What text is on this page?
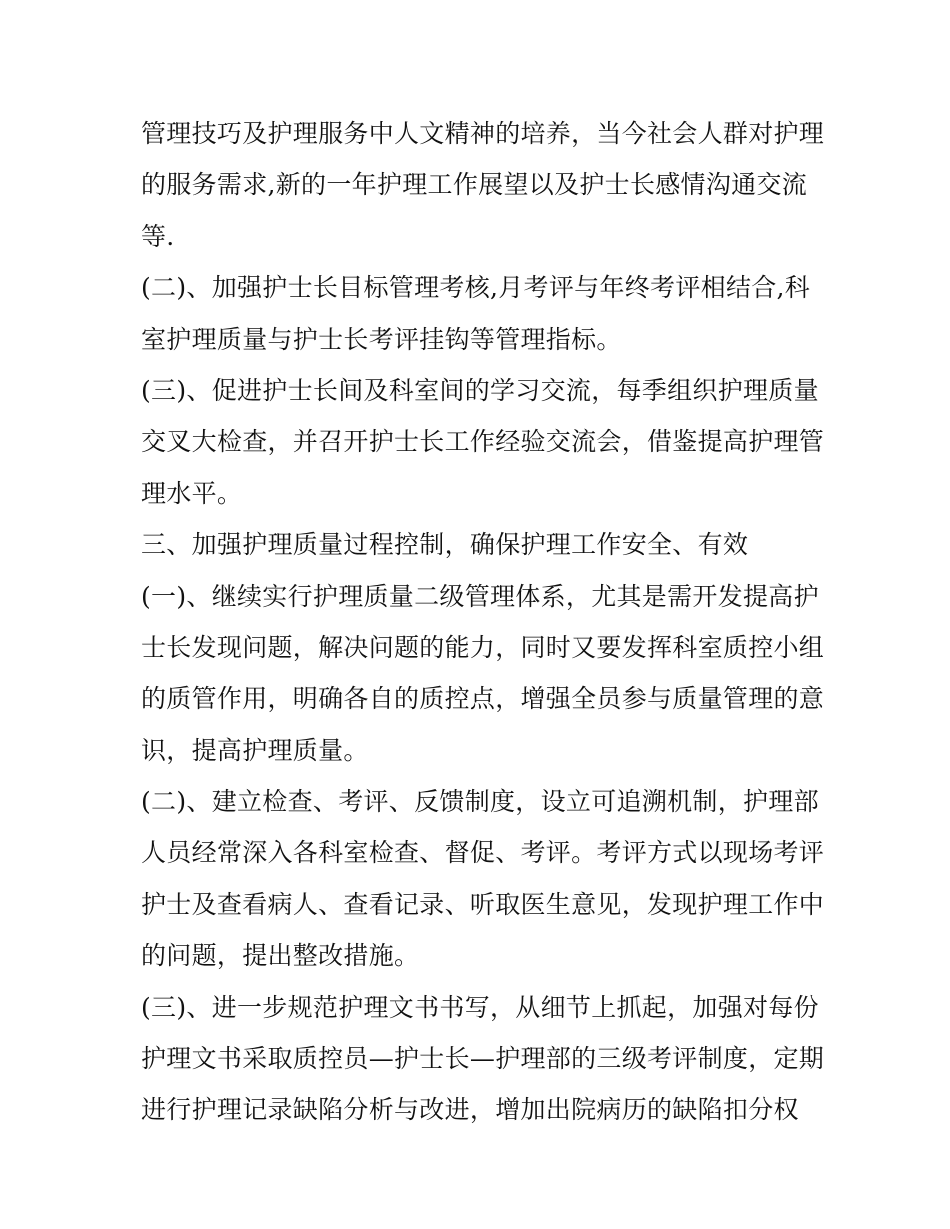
管理技巧及护理服务中人文精神的培养，当今社会人群对护理
的服务需求,新的一年护理工作展望以及护士长感情沟通交流
等.
(二)、加强护士长目标管理考核,月考评与年终考评相结合,科
室护理质量与护士长考评挂钩等管理指标。
(三)、促进护士长间及科室间的学习交流，每季组织护理质量
交叉大检查，并召开护士长工作经验交流会，借鉴提高护理管
理水平。
三、加强护理质量过程控制，确保护理工作安全、有效
(一)、继续实行护理质量二级管理体系，尤其是需开发提高护
士长发现问题，解决问题的能力，同时又要发挥科室质控小组
的质管作用，明确各自的质控点，增强全员参与质量管理的意
识，提高护理质量。
(二)、建立检查、考评、反馈制度，设立可追溯机制，护理部
人员经常深入各科室检查、督促、考评。考评方式以现场考评
护士及查看病人、查看记录、听取医生意见，发现护理工作中
的问题，提出整改措施。
(三)、进一步规范护理文书书写，从细节上抓起，加强对每份
护理文书采取质控员—护士长—护理部的三级考评制度，定期
进行护理记录缺陷分析与改进，增加出院病历的缺陷扣分权
